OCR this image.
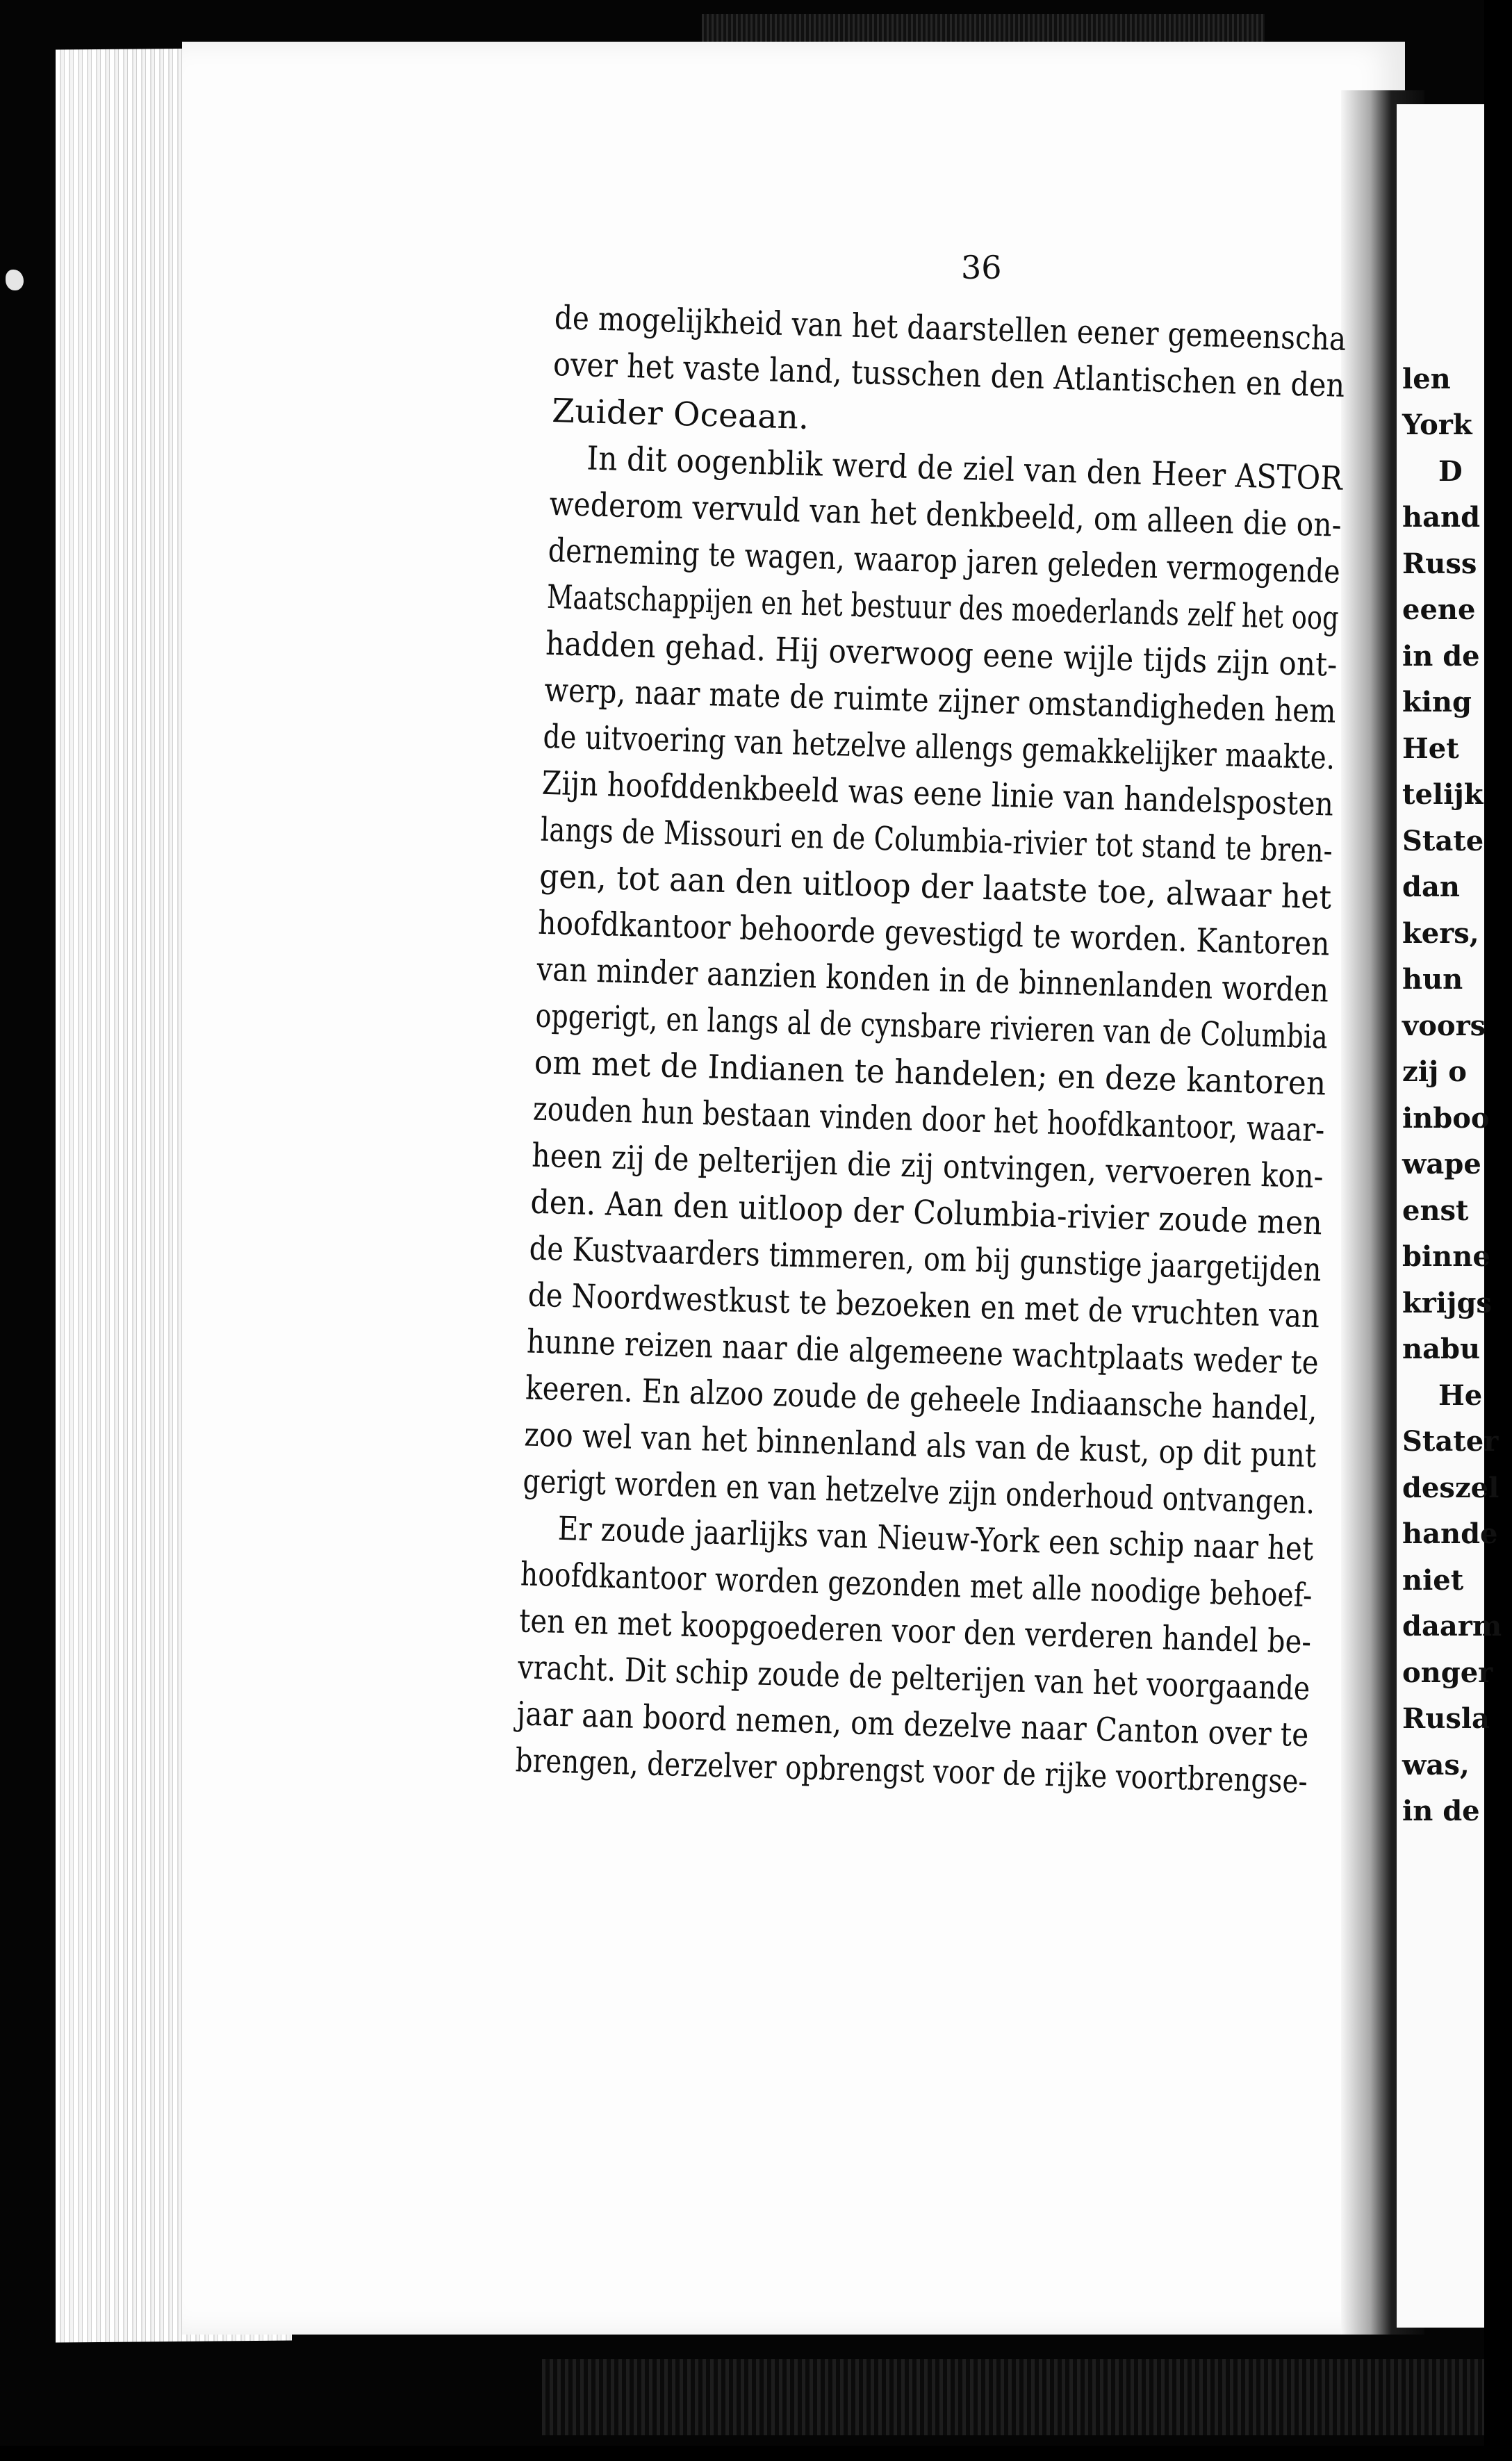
len
York
D
hand
Russ
eene
in de
king
Het
telijk
State
dan
kers,
hun
voors
zij o
inboo
wape
enst
binne
krijgs
nabu
He
Stater
deszel
hande
niet
daarm
onger
Rusla
was,
in de
36
de mogelijkheid van het daarstellen eener gemeenscha
over het vaste land, tusschen den Atlantischen en den
Zuider Oceaan.
In dit oogenblik werd de ziel van den Heer ASTOR
wederom vervuld van het denkbeeld, om alleen die on-
derneming te wagen, waarop jaren geleden vermogende
Maatschappijen en het bestuur des moederlands zelf het oog
hadden gehad. Hij overwoog eene wijle tijds zijn ont-
werp, naar mate de ruimte zijner omstandigheden hem
de uitvoering van hetzelve allengs gemakkelijker maakte.
Zijn hoofddenkbeeld was eene linie van handelsposten
langs de Missouri en de Columbia-rivier tot stand te bren-
gen, tot aan den uitloop der laatste toe, alwaar het
hoofdkantoor behoorde gevestigd te worden. Kantoren
van minder aanzien konden in de binnenlanden worden
opgerigt, en langs al de cynsbare rivieren van de Columbia
om met de Indianen te handelen; en deze kantoren
zouden hun bestaan vinden door het hoofdkantoor, waar-
heen zij de pelterijen die zij ontvingen, vervoeren kon-
den. Aan den uitloop der Columbia-rivier zoude men
de Kustvaarders timmeren, om bij gunstige jaargetijden
de Noordwestkust te bezoeken en met de vruchten van
hunne reizen naar die algemeene wachtplaats weder te
keeren. En alzoo zoude de geheele Indiaansche handel,
zoo wel van het binnenland als van de kust, op dit punt
gerigt worden en van hetzelve zijn onderhoud ontvangen.
Er zoude jaarlijks van Nieuw-York een schip naar het
hoofdkantoor worden gezonden met alle noodige behoef-
ten en met koopgoederen voor den verderen handel be-
vracht. Dit schip zoude de pelterijen van het voorgaande
jaar aan boord nemen, om dezelve naar Canton over te
brengen, derzelver opbrengst voor de rijke voortbrengse-
